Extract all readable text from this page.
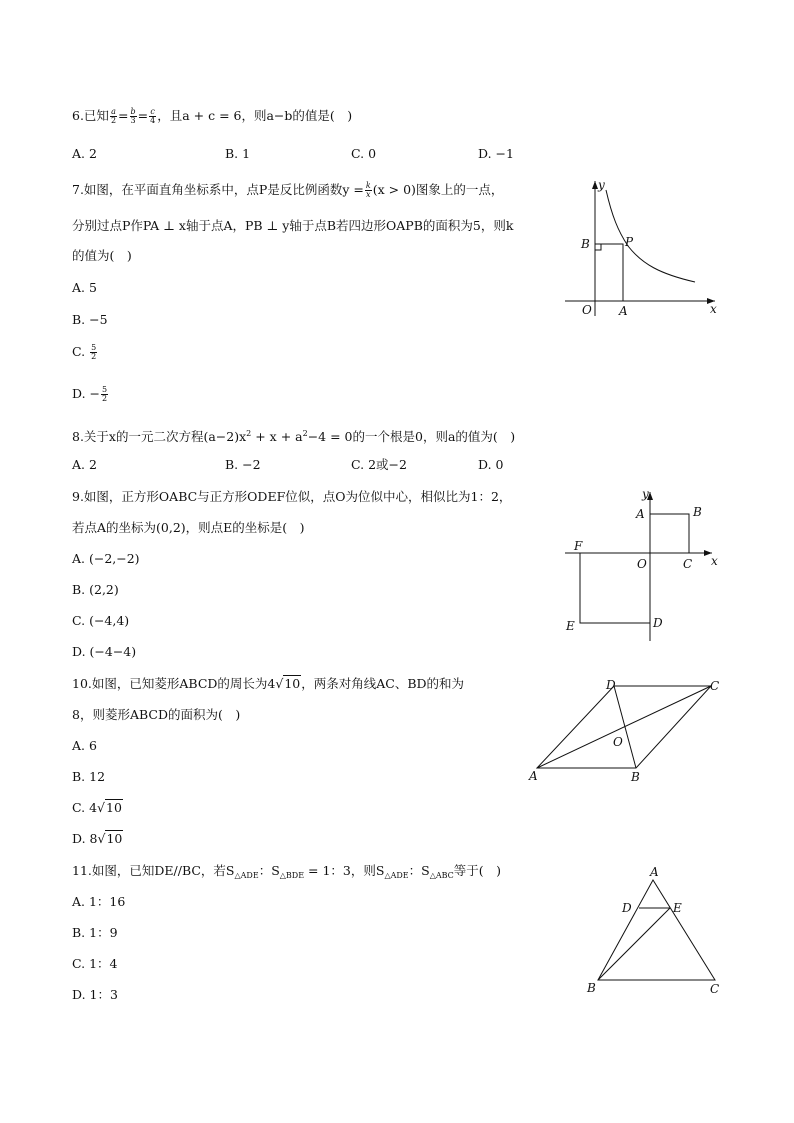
6.已知 $\frac{a}{2} = \frac{b}{3} = \frac{c}{4}$ ，且a + c = 6，则a−b的值是(　)
A. 2	B. 1	C. 0	D. −1
7.如图，在平面直角坐标系中，点P是反比例函数$y = \frac{k}{x} (x > 0)$图象上的一点，
分别过点P作PA ⊥ x轴于点A，PB ⊥ y轴于点B若四边形OAPB的面积为5，则k
的值为(　)
A. 5
B. −5
C. $\frac{5}{2}$
D. − $\frac{5}{2}$
y
x
O A
B	P
8.关于x的一元二次方程$(a-2)x^2 + x + a^2-4 = 0$的一个根是0，则a的值为(　)
A. 2	B. −2	C. 2或−2	D. 0
9.如图，正方形OABC与正方形ODEF位似，点O为位似中心，相似比为1：2，
若点A的坐标为(0,2)，则点E的坐标是(　)
A. (−2,−2)
B. (2,2)
C. (−4,4)
D. (−4−4)
y
x
O
A	B
C
D
E
F
10.如图，已知菱形ABCD的周长为4√10，两条对角线AC、BD的和为
8，则菱形ABCD的面积为(　)
A. 6
B. 12
C. 4√10
D. 8√10
A	B
C
D
O
11.如图，已知DE//BC，若$S_{\triangle ADE}$：$S_{\triangle BDE} = 1$：3，则$S_{\triangle ADE}$：$S_{\triangle ABC}$等于(　)
A. 1：16
B. 1：9
C. 1：4
D. 1：3
A
B	C
D	E
